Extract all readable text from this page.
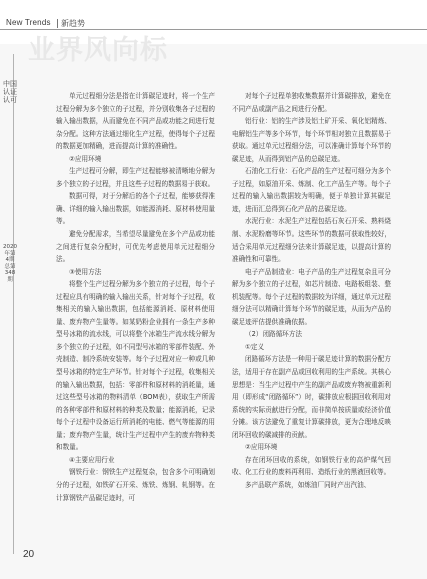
New Trends 新趋势
业界风向标
中国认证认可
2020年第4期 总第348期

单元过程细分法是指在计算碳足迹时，将一个生产过程分解为多个独立的子过程，并分别收集各子过程的输入输出数据，从而避免在不同产品或功能之间进行复杂分配。这种方法通过细化生产过程，使得每个子过程的数据更加精确，进而提高计算的准确性。

②应用环境

生产过程可分解，即生产过程能够被清晰地分解为多个独立的子过程，并且这些子过程的数据易于获取。

数据可得，对于分解后的各个子过程，能够获得准确、详细的输入输出数据，如能源消耗、原材料使用量等。

避免分配需求，当希望尽量避免在多个产品或功能之间进行复杂分配时，可优先考虑使用单元过程细分法。

③使用方法

将整个生产过程分解为多个独立的子过程，每个子过程应具有明确的输入输出关系，针对每个子过程，收集相关的输入输出数据，包括能源消耗、原材料使用量、废弃物产生量等。如某奶粉企业拥有一条生产多种型号冰箱的流水线，可以将整个冰箱生产流水线分解为多个独立的子过程，如不同型号冰箱的零部件装配、外壳制造、制冷系统安装等。每个子过程对应一种或几种型号冰箱的特定生产环节。针对每个子过程，收集相关的输入输出数据，包括：零部件和原材料的消耗量，通过这些型号冰箱的物料清单（BOM表），获取生产所需的各种零部件和原材料的种类及数量；能源消耗，记录每个子过程中设备运行所消耗的电能、燃气等能源的用量；废弃物产生量，统计生产过程中产生的废弃物种类和数量。

④主要应用行业

钢铁行业：钢铁生产过程复杂，包含多个可明确划分的子过程，如铁矿石开采、炼铁、炼钢、轧钢等。在计算钢铁产品碳足迹时，可

对每个子过程单独收集数据并计算碳排放，避免在不同产品或副产品之间进行分配。

铝行业：铝的生产涉及铝土矿开采、氧化铝精炼、电解铝生产等多个环节，每个环节相对独立且数据易于获取。通过单元过程细分法，可以准确计算每个环节的碳足迹，从而得到铝产品的总碳足迹。

石油化工行业：石化产品的生产过程可细分为多个子过程，如原油开采、炼制、化工产品生产等。每个子过程的输入输出数据较为明确，便于单独计算其碳足迹，进而汇总得到石化产品的总碳足迹。

水泥行业：水泥生产过程包括石灰石开采、熟料烧制、水泥粉磨等环节。这些环节的数据可获取性较好，适合采用单元过程细分法来计算碳足迹，以提高计算的准确性和可靠性。

电子产品制造业：电子产品的生产过程复杂且可分解为多个独立的子过程，如芯片制造、电路板组装、整机装配等。每个子过程的数据较为详细，通过单元过程细分法可以精确计算每个环节的碳足迹，从而为产品的碳足迹评估提供准确依据。

（2）闭路循环方法

①定义

闭路循环方法是一种用于碳足迹计算的数据分配方法，适用于存在副产品或回收利用的生产系统。其核心思想是：当生产过程中产生的副产品或废弃物被重新利用（即形成“闭路循环”）时，碳排放应根据回收利用对系统的实际贡献进行分配，而非简单按质量或经济价值分摊。该方法避免了重复计算碳排放，更为合理地反映闭环回收的碳减排的贡献。

②应用环境

存在闭环回收的系统，如钢铁行业的高炉煤气回收、化工行业的废料再利用、造纸行业的黑液回收等。

多产品联产系统，如炼油厂同时产出汽油、

20
